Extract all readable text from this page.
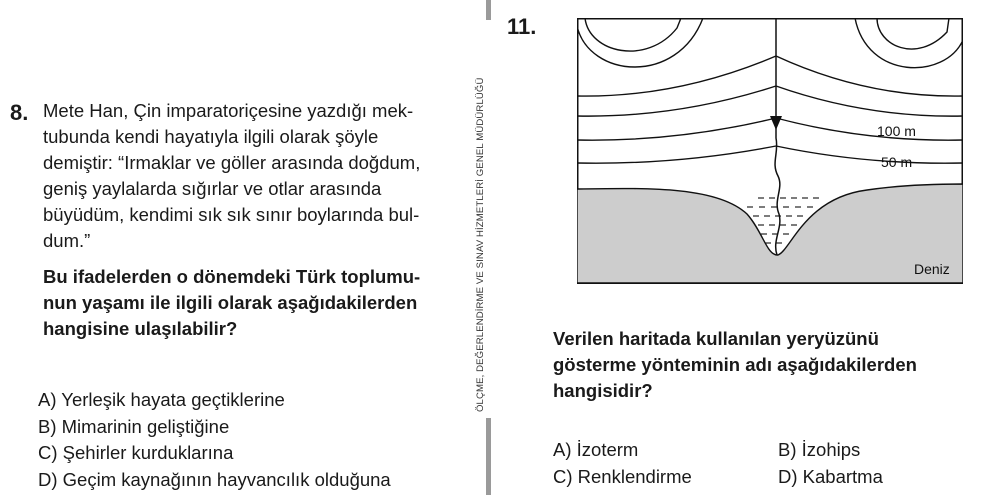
8. Mete Han, Çin imparatoriçesine yazdığı mek-
tubunda kendi hayatıyla ilgili olarak şöyle
demiştir: “Irmaklar ve göller arasında doğdum,
geniş yaylalarda sığırlar ve otlar arasında
büyüdüm, kendimi sık sık sınır boylarında bul-
dum.”
Bu ifadelerden o dönemdeki Türk toplumu-
nun yaşamı ile ilgili olarak aşağıdakilerden
hangisine ulaşılabilir?
A) Yerleşik hayata geçtiklerine
B) Mimarinin geliştiğine
C) Şehirler kurduklarına
D) Geçim kaynağının hayvancılık olduğuna
ÖLÇME, DEĞERLENDİRME VE SINAV HİZMETLERİ GENEL MÜDÜRLÜĞÜ
11.
100 m
50 m
Deniz
Verilen haritada kullanılan yeryüzünü
gösterme yönteminin adı aşağıdakilerden
hangisidir?
A) İzoterm	B) İzohips
C) Renklendirme	D) Kabartma
